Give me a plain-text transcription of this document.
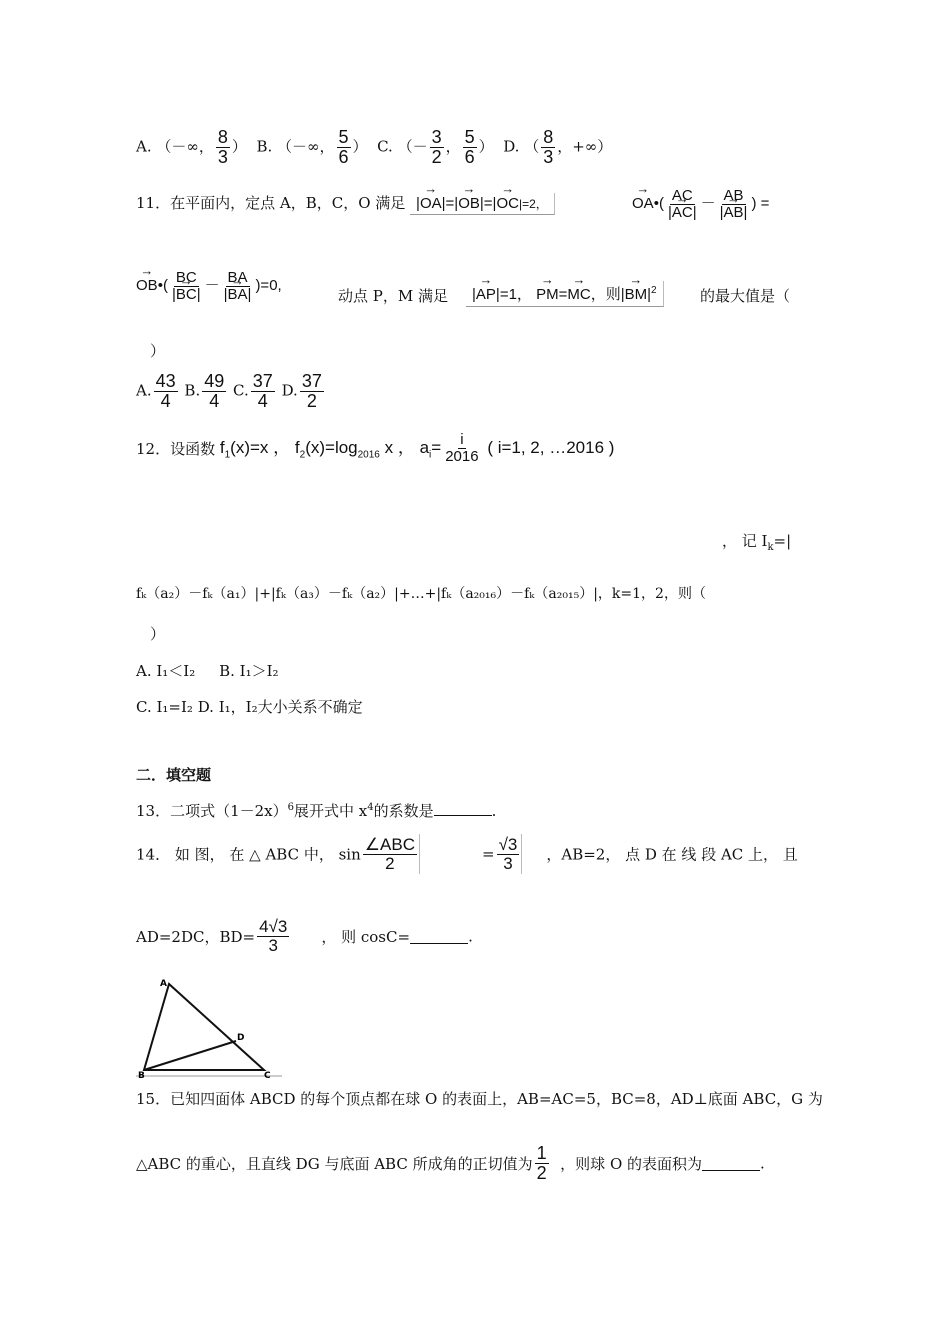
A. （－∞， $\frac{8}{3}$ ） B. （－∞， $\frac{5}{6}$ ） C. （－ $\frac{3}{2}$ ， $\frac{5}{6}$ ） D. （ $\frac{8}{3}$ ，+∞）
11．在平面内，定点 A，B，C，O 满足 |→ OA|=|→ OB|=|→ OC|=2，	→ OA•( $\frac{AC}{|\to AC|} - \frac{AB}{|\to AB|}$ ) =
→ OB•( $\frac{BC}{|\to BC|} - \frac{BA}{|\to BA|} )=0$,
动点 P，M 满足	|→ AP|=1， → PM=→ MC，则|→ $BM|^2$	的最大值是（
）
A. $\frac{43}{4} B$. $\frac{49}{4} C$. $\frac{37}{4} D$. $\frac{37}{2}$
12．设函数 $f_1(x)=x$ ， $f_2(x)=\log_{2016}$ x ， $a_i= \frac{i}{2016}$ ( i=1, 2, …2016 )
， 记 $I_k=|$
fₖ（a₂）－fₖ（a₁）|+|fₖ（a₃）－fₖ（a₂）|+…+|fₖ（a₂₀₁₆）－fₖ（a₂₀₁₅）|，k=1，2，则（
）
A. I₁＜I₂ B. I₁＞I₂
C. I₁=I₂ D. I₁，I₂大小关系不确定
二．填空题
13．二项式$(1-2x)^6$展开式中 $x^4$的系数是	.
14． 如 图， 在 △ ABC 中， $\sin \frac{\text{∠ABC}}{2}$	= $\frac{√3}{3}$ ，AB=2， 点 D 在 线 段 AC 上， 且
AD=2DC，$BD= \frac{4√3}{3}$ ， 则 cosC=	.
A
B	C
D
15．已知四面体 ABCD 的每个顶点都在球 O 的表面上，AB=AC=5，BC=8，AD⊥底面 ABC，G 为
△ABC 的重心，且直线 DG 与底面 ABC 所成角的正切值为 $\frac{1}{2}$ ，则球 O 的表面积为	.
